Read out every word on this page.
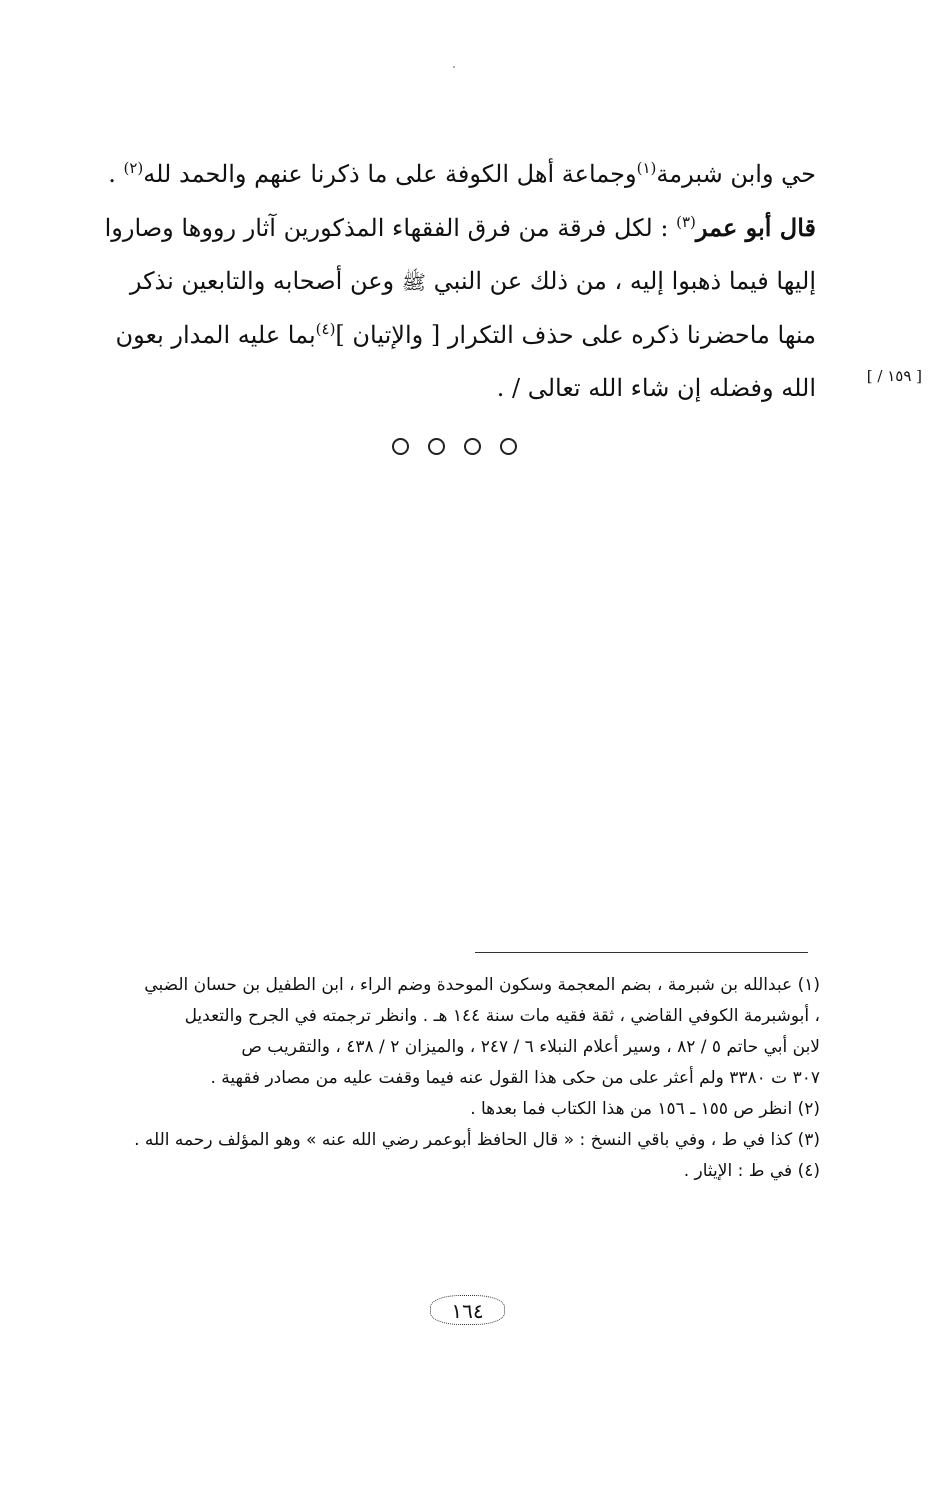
حي وابن شبرمة$^{(١)}$وجماعة أهل الكوفة على ما ذكرنا عنهم والحمد لله$^{(٢)}$ .
قال أبو عمر$^{(٣)}$ : لكل فرقة من فرق الفقهاء المذكورين آثار رووها وصاروا
إليها فيما ذهبوا إليه ، من ذلك عن النبي ﷺ وعن أصحابه والتابعين نذكر
منها ماحضرنا ذكره على حذف التكرار [ والإتيان ]$^{(٤)}$بما عليه المدار بعون
الله وفضله إن شاء الله تعالى / .	[ ١٥٩ / ]
(١) عبدالله بن شبرمة ، بضم المعجمة وسكون الموحدة وضم الراء ، ابن الطفيل بن حسان الضبي
، أبوشبرمة الكوفي القاضي ، ثقة فقيه مات سنة ١٤٤ هـ . وانظر ترجمته في الجرح والتعديل
لابن أبي حاتم ٥ / ٨٢ ، وسير أعلام النبلاء ٦ / ٢٤٧ ، والميزان ٢ / ٤٣٨ ، والتقريب ص
٣٠٧ ت ٣٣٨٠ ولم أعثر على من حكى هذا القول عنه فيما وقفت عليه من مصادر فقهية .
(٢) انظر ص ١٥٥ ـ ١٥٦ من هذا الكتاب فما بعدها .
(٣) كذا في ط ، وفي باقي النسخ : « قال الحافظ أبوعمر رضي الله عنه » وهو المؤلف رحمه الله .
(٤) في ط : الإيثار .
١٦٤
